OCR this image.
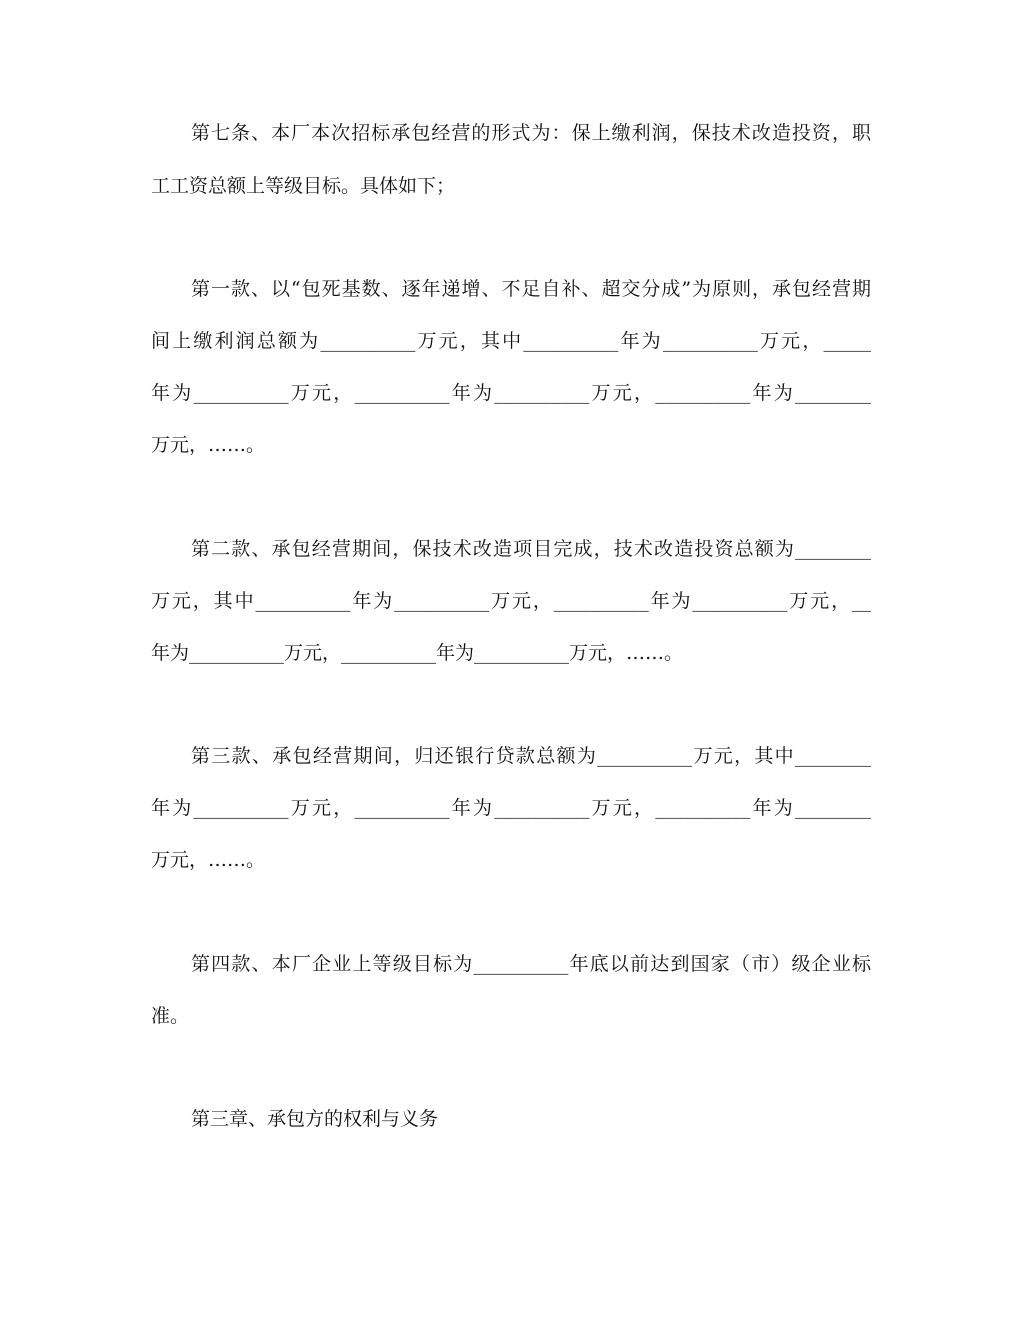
第七条、本厂本次招标承包经营的形式为：保上缴利润，保技术改造投资，职
工工资总额上等级目标。具体如下；
第一款、以“包死基数、逐年递增、不足自补、超交分成”为原则，承包经营期
间上缴利润总额为__________万元，其中__________年为__________万元，_____
年为__________万元，__________年为__________万元，__________年为________
万元，……。
第二款、承包经营期间，保技术改造项目完成，技术改造投资总额为________
万元，其中__________年为__________万元，__________年为__________万元，__
年为__________万元，__________年为__________万元，……。
第三款、承包经营期间，归还银行贷款总额为__________万元，其中________
年为__________万元，__________年为__________万元，__________年为________
万元，……。
第四款、本厂企业上等级目标为__________年底以前达到国家（市）级企业标
准。
第三章、承包方的权利与义务
